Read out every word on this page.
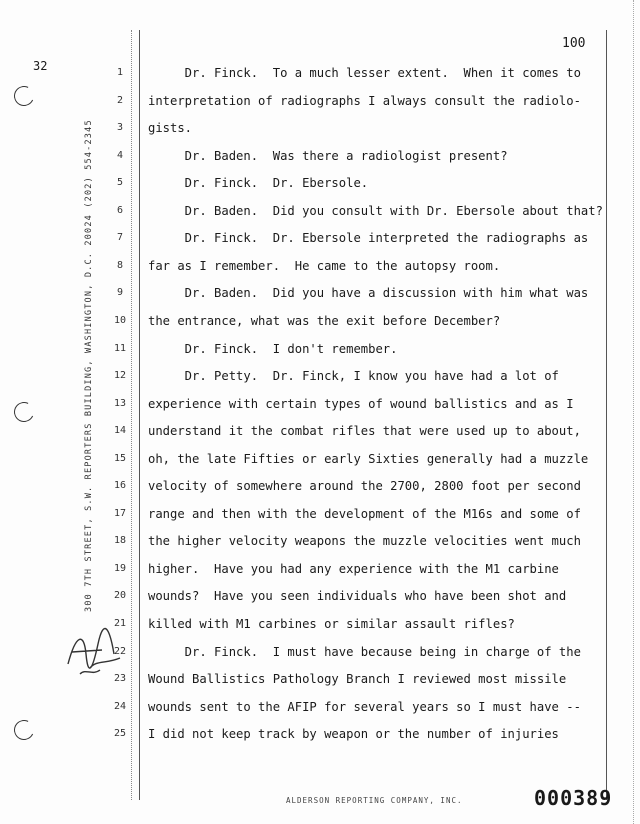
100
32
300 7TH STREET, S.W. REPORTERS BUILDING, WASHINGTON, D.C. 20024 (202) 554-2345
1	Dr. Finck.  To a much lesser extent.  When it comes to
2	interpretation of radiographs I always consult the radiolo-
3	gists.
4	Dr. Baden.  Was there a radiologist present?
5	Dr. Finck.  Dr. Ebersole.
6	Dr. Baden.  Did you consult with Dr. Ebersole about that?
7	Dr. Finck.  Dr. Ebersole interpreted the radiographs as
8	far as I remember.  He came to the autopsy room.
9	Dr. Baden.  Did you have a discussion with him what was
10 the entrance, what was the exit before December?
11 Dr. Finck.  I don't remember.
12 Dr. Petty.  Dr. Finck, I know you have had a lot of
13 experience with certain types of wound ballistics and as I
14 understand it the combat rifles that were used up to about,
15 oh, the late Fifties or early Sixties generally had a muzzle
16 velocity of somewhere around the 2700, 2800 foot per second
17 range and then with the development of the M16s and some of
18 the higher velocity weapons the muzzle velocities went much
19 higher.  Have you had any experience with the M1 carbine
20 wounds?  Have you seen individuals who have been shot and
21 killed with M1 carbines or similar assault rifles?
22 Dr. Finck.  I must have because being in charge of the
23 Wound Ballistics Pathology Branch I reviewed most missile
24 wounds sent to the AFIP for several years so I must have --
25 I did not keep track by weapon or the number of injuries
ALDERSON REPORTING COMPANY, INC.	000389
